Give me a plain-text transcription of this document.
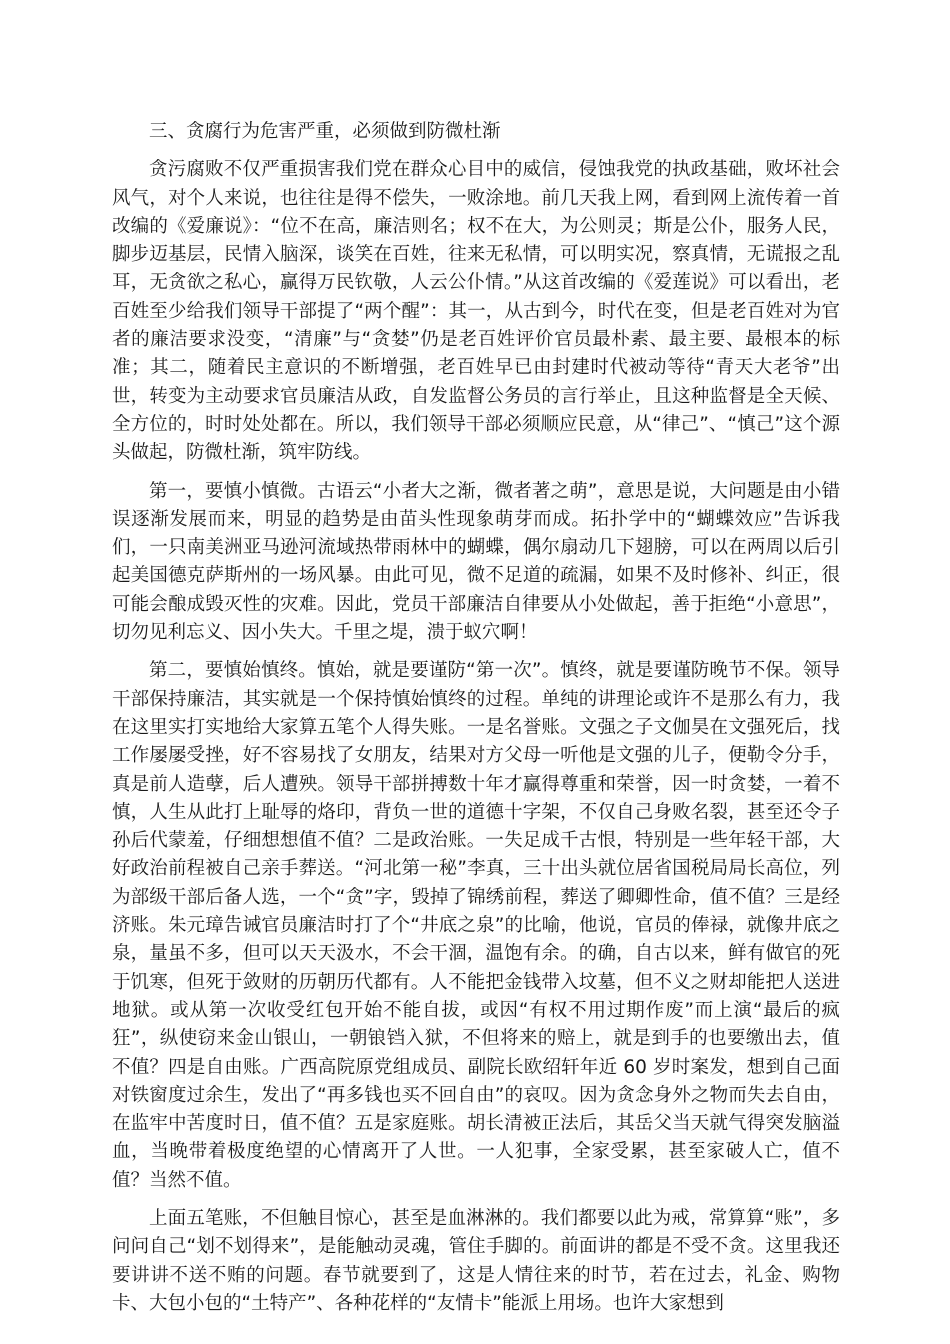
三、贪腐行为危害严重，必须做到防微杜渐

贪污腐败不仅严重损害我们党在群众心目中的威信，侵蚀我党的执政基础，败坏社会风气，对个人来说，也往往是得不偿失，一败涂地。前几天我上网，看到网上流传着一首改编的《爱廉说》：“位不在高，廉洁则名；权不在大，为公则灵；斯是公仆，服务人民，脚步迈基层，民情入脑深，谈笑在百姓，往来无私情，可以明实况，察真情，无谎报之乱耳，无贪欲之私心，赢得万民钦敬，人云公仆情。”从这首改编的《爱莲说》可以看出，老百姓至少给我们领导干部提了“两个醒”：其一，从古到今，时代在变，但是老百姓对为官者的廉洁要求没变，“清廉”与“贪婪”仍是老百姓评价官员最朴素、最主要、最根本的标准；其二，随着民主意识的不断增强，老百姓早已由封建时代被动等待“青天大老爷”出世，转变为主动要求官员廉洁从政，自发监督公务员的言行举止，且这种监督是全天候、全方位的，时时处处都在。所以，我们领导干部必须顺应民意，从“律己”、“慎己”这个源头做起，防微杜渐，筑牢防线。

第一，要慎小慎微。古语云“小者大之渐，微者著之萌”，意思是说，大问题是由小错误逐渐发展而来，明显的趋势是由苗头性现象萌芽而成。拓扑学中的“蝴蝶效应”告诉我们，一只南美洲亚马逊河流域热带雨林中的蝴蝶，偶尔扇动几下翅膀，可以在两周以后引起美国德克萨斯州的一场风暴。由此可见，微不足道的疏漏，如果不及时修补、纠正，很可能会酿成毁灭性的灾难。因此，党员干部廉洁自律要从小处做起，善于拒绝“小意思”，切勿见利忘义、因小失大。千里之堤，溃于蚁穴啊！

第二，要慎始慎终。慎始，就是要谨防“第一次”。慎终，就是要谨防晚节不保。领导干部保持廉洁，其实就是一个保持慎始慎终的过程。单纯的讲理论或许不是那么有力，我在这里实打实地给大家算五笔个人得失账。一是名誉账。文强之子文伽昊在文强死后，找工作屡屡受挫，好不容易找了女朋友，结果对方父母一听他是文强的儿子，便勒令分手，真是前人造孽，后人遭殃。领导干部拼搏数十年才赢得尊重和荣誉，因一时贪婪，一着不慎，人生从此打上耻辱的烙印，背负一世的道德十字架，不仅自己身败名裂，甚至还令子孙后代蒙羞，仔细想想值不值？二是政治账。一失足成千古恨，特别是一些年轻干部，大好政治前程被自己亲手葬送。“河北第一秘”李真，三十出头就位居省国税局局长高位，列为部级干部后备人选，一个“贪”字，毁掉了锦绣前程，葬送了卿卿性命，值不值？三是经济账。朱元璋告诫官员廉洁时打了个“井底之泉”的比喻，他说，官员的俸禄，就像井底之泉，量虽不多，但可以天天汲水，不会干涸，温饱有余。的确，自古以来，鲜有做官的死于饥寒，但死于敛财的历朝历代都有。人不能把金钱带入坟墓，但不义之财却能把人送进地狱。或从第一次收受红包开始不能自拔，或因“有权不用过期作废”而上演“最后的疯狂”，纵使窃来金山银山，一朝锒铛入狱，不但将来的赔上，就是到手的也要缴出去，值不值？四是自由账。广西高院原党组成员、副院长欧绍轩年近 60 岁时案发，想到自己面对铁窗度过余生，发出了“再多钱也买不回自由”的哀叹。因为贪念身外之物而失去自由，在监牢中苦度时日，值不值？五是家庭账。胡长清被正法后，其岳父当天就气得突发脑溢血，当晚带着极度绝望的心情离开了人世。一人犯事，全家受累，甚至家破人亡，值不值？当然不值。

上面五笔账，不但触目惊心，甚至是血淋淋的。我们都要以此为戒，常算算“账”，多问问自己“划不划得来”，是能触动灵魂，管住手脚的。前面讲的都是不受不贪。这里我还要讲讲不送不贿的问题。春节就要到了，这是人情往来的时节，若在过去，礼金、购物卡、大包小包的“土特产”、各种花样的“友情卡”能派上用场。也许大家想到
